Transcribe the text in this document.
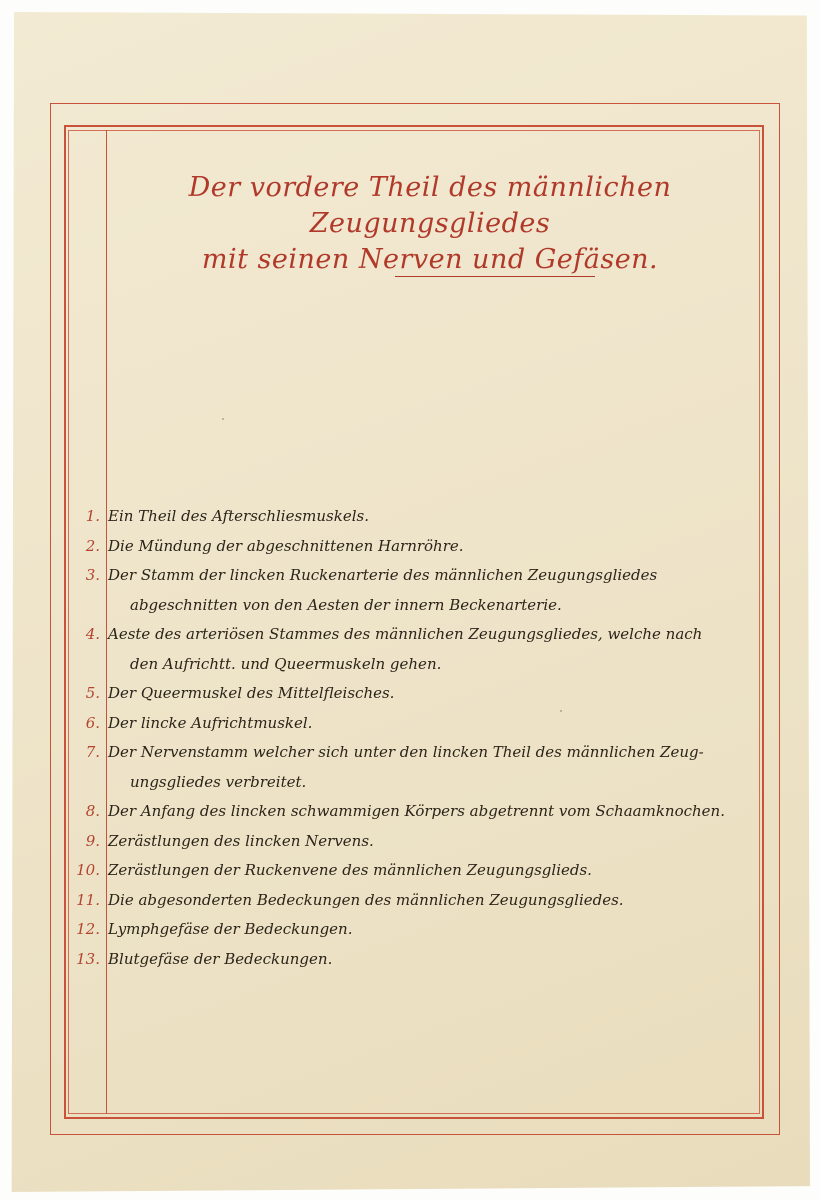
Der vordere Theil des männlichen Zeugungsgliedes
mit seinen Nerven und Gefäsen.
1. Ein Theil des Afterschliesmuskels.
2. Die Mündung der abgeschnittenen Harnröhre.
3. Der Stamm der lincken Ruckenarterie des männlichen Zeugungsgliedes
abgeschnitten von den Aesten der innern Beckenarterie.
4. Aeste des arteriösen Stammes des männlichen Zeugungsgliedes, welche nach
den Aufrichtt. und Queermuskeln gehen.
5. Der Queermuskel des Mittelfleisches.
6. Der lincke Aufrichtmuskel.
7. Der Nervenstamm welcher sich unter den lincken Theil des männlichen Zeug-
ungsgliedes verbreitet.
8. Der Anfang des lincken schwammigen Körpers abgetrennt vom Schaamknochen.
9. Zerästlungen des lincken Nervens.
10. Zerästlungen der Ruckenvene des männlichen Zeugungsglieds.
11. Die abgesonderten Bedeckungen des männlichen Zeugungsgliedes.
12. Lymphgefäse der Bedeckungen.
13. Blutgefäse der Bedeckungen.
